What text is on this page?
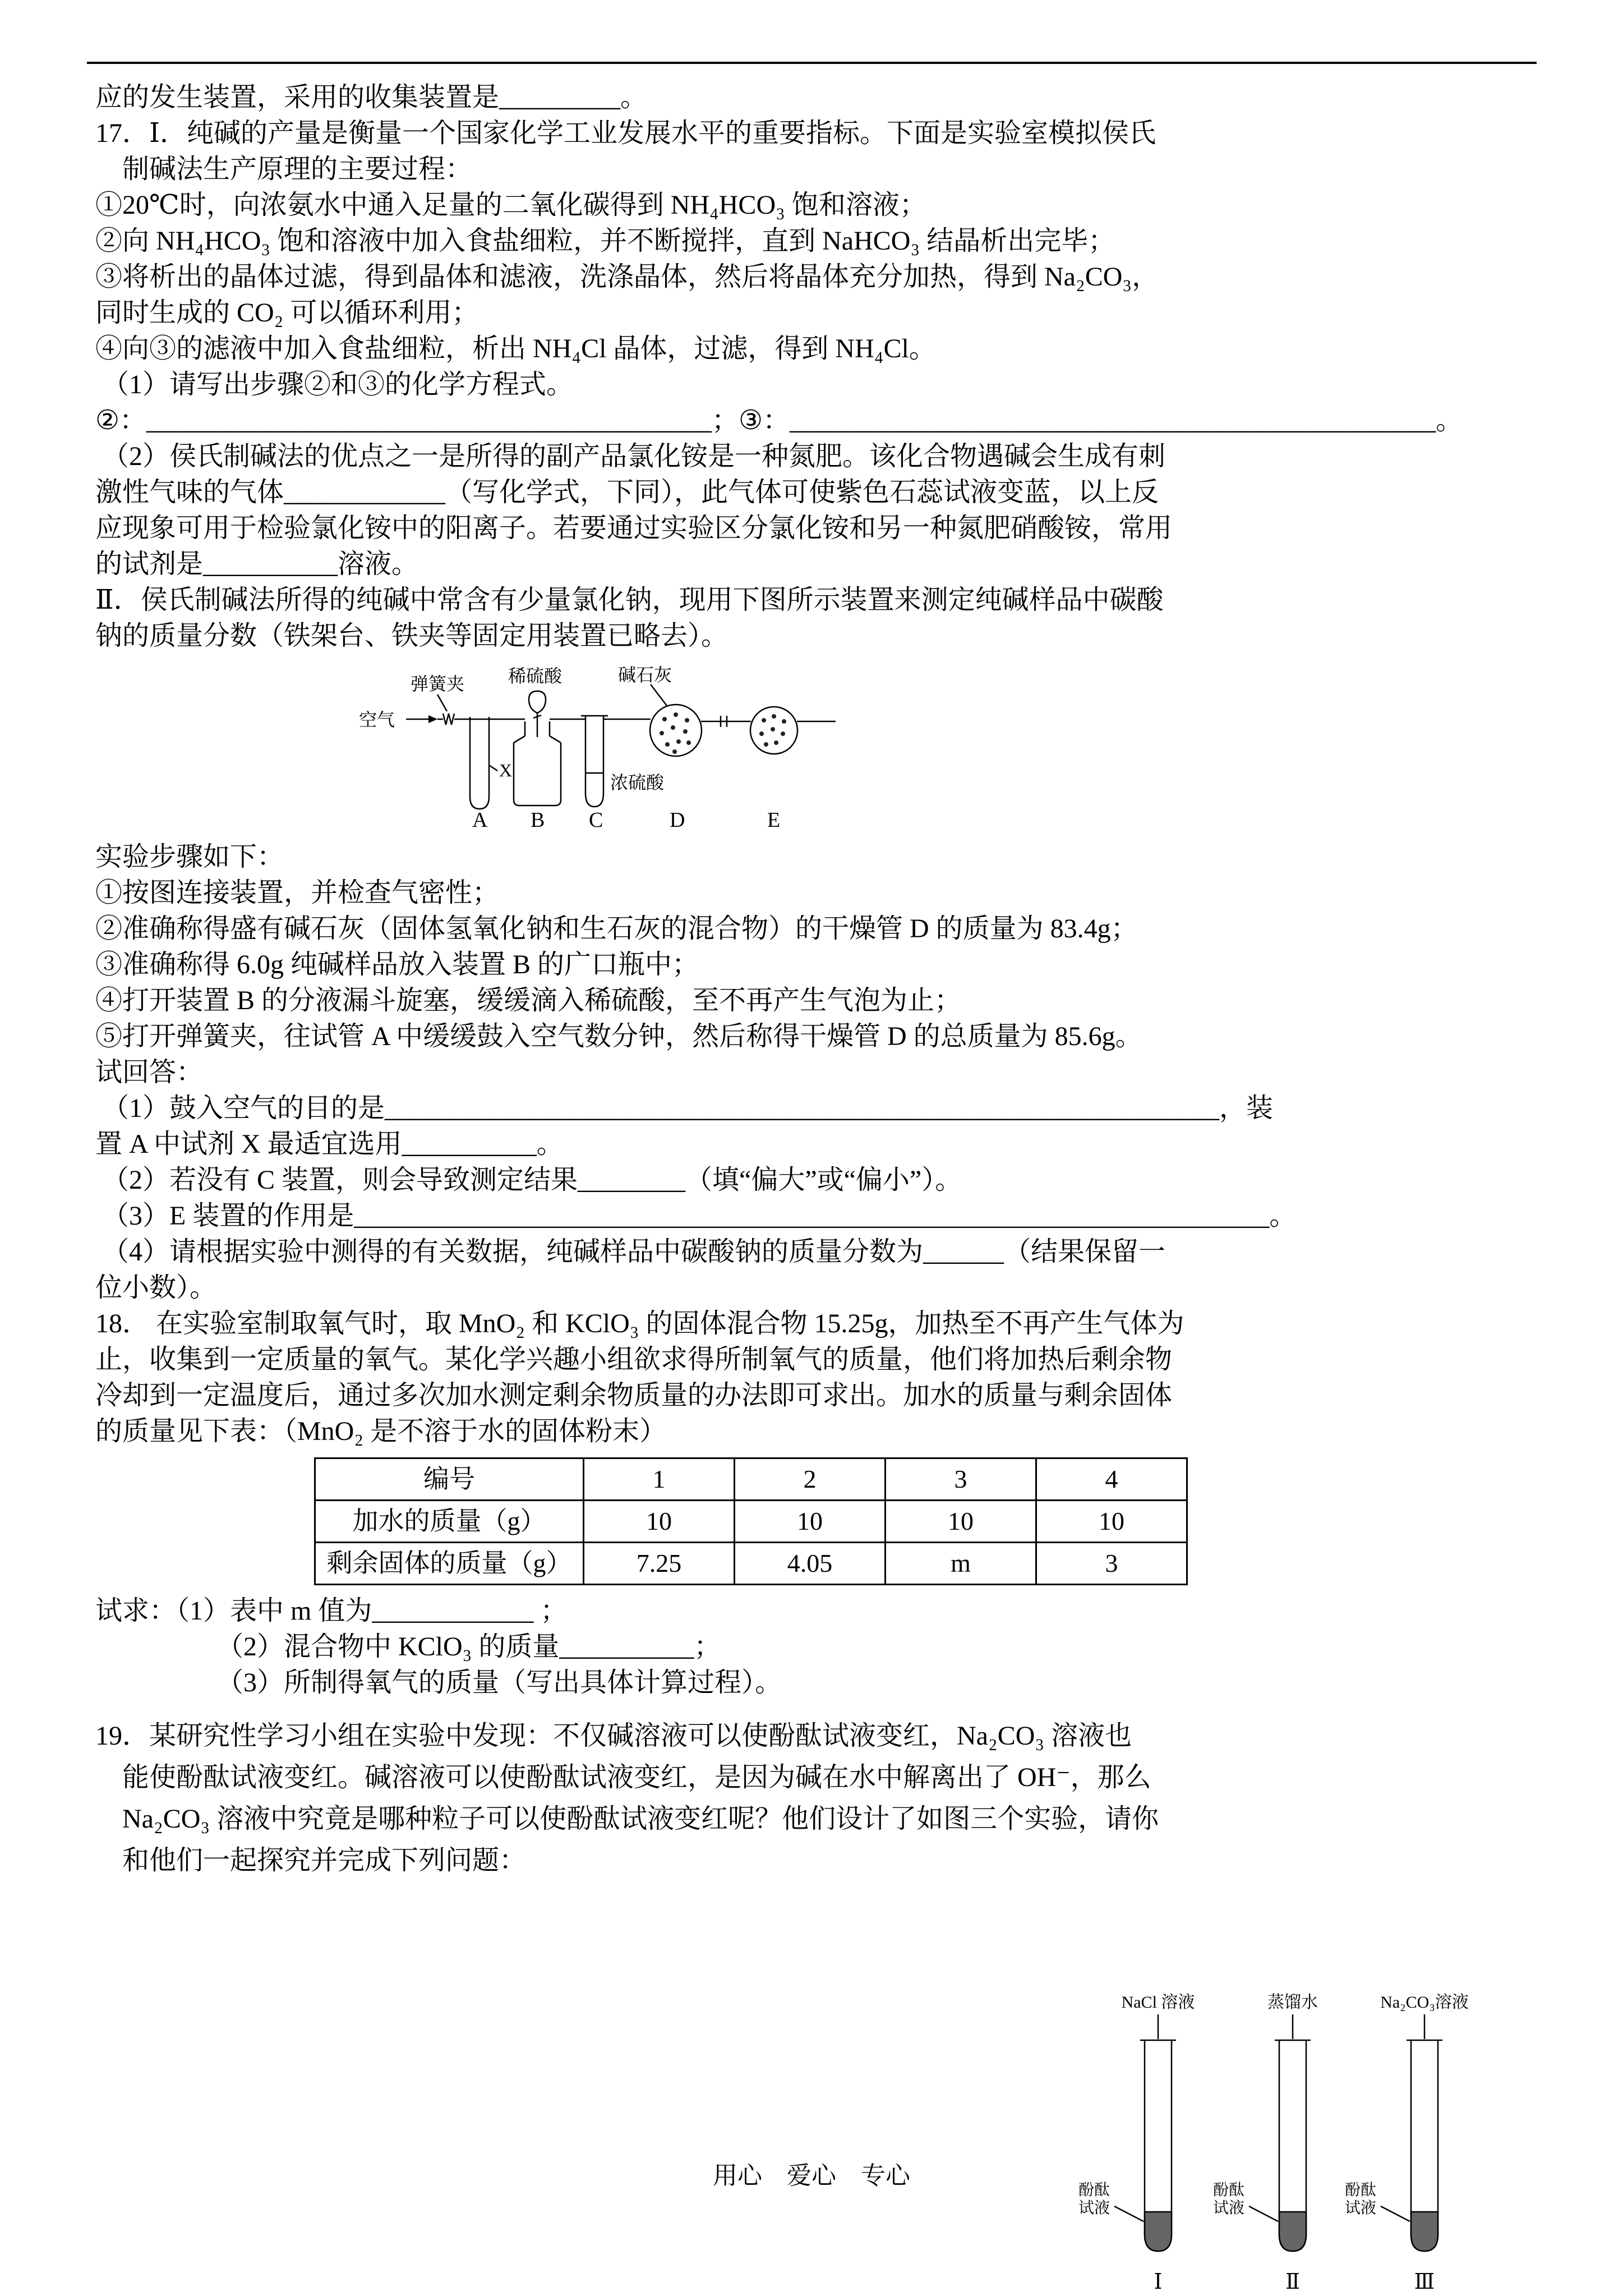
应的发生装置，采用的收集装置是_________。
17．Ⅰ．纯碱的产量是衡量一个国家化学工业发展水平的重要指标。下面是实验室模拟侯氏
制碱法生产原理的主要过程：
①20℃时，向浓氨水中通入足量的二氧化碳得到 NH₄HCO₃ 饱和溶液；
②向 NH₄HCO₃ 饱和溶液中加入食盐细粒，并不断搅拌，直到 NaHCO₃ 结晶析出完毕；
③将析出的晶体过滤，得到晶体和滤液，洗涤晶体，然后将晶体充分加热，得到 Na₂CO₃，
同时生成的 CO₂ 可以循环利用；
④向③的滤液中加入食盐细粒，析出 NH₄Cl 晶体，过滤，得到 NH₄Cl。
（1）请写出步骤②和③的化学方程式。
②：__________________________________________；③：________________________________________________。
（2）侯氏制碱法的优点之一是所得的副产品氯化铵是一种氮肥。该化合物遇碱会生成有刺
激性气味的气体____________（写化学式，下同），此气体可使紫色石蕊试液变蓝，以上反
应现象可用于检验氯化铵中的阳离子。若要通过实验区分氯化铵和另一种氮肥硝酸铵，常用
的试剂是__________溶液。
Ⅱ．侯氏制碱法所得的纯碱中常含有少量氯化钠，现用下图所示装置来测定纯碱样品中碳酸
钠的质量分数（铁架台、铁夹等固定用装置已略去）。
空气
弹簧夹 稀硫酸	碱石灰
浓硫酸
X
A B C	D	E
实验步骤如下：
①按图连接装置，并检查气密性；
②准确称得盛有碱石灰（固体氢氧化钠和生石灰的混合物）的干燥管 D 的质量为 83.4g；
③准确称得 6.0g 纯碱样品放入装置 B 的广口瓶中；
④打开装置 B 的分液漏斗旋塞，缓缓滴入稀硫酸，至不再产生气泡为止；
⑤打开弹簧夹，往试管 A 中缓缓鼓入空气数分钟，然后称得干燥管 D 的总质量为 85.6g。
试回答：
（1）鼓入空气的目的是______________________________________________________________，装
置 A 中试剂 X 最适宜选用__________。
（2）若没有 C 装置，则会导致测定结果________（填“偏大”或“偏小”）。
（3）E 装置的作用是____________________________________________________________________。
（4）请根据实验中测得的有关数据，纯碱样品中碳酸钠的质量分数为______（结果保留一
位小数）。
18． 在实验室制取氧气时，取 MnO₂ 和 KClO₃ 的固体混合物 15.25g，加热至不再产生气体为
止，收集到一定质量的氧气。某化学兴趣小组欲求得所制氧气的质量，他们将加热后剩余物
冷却到一定温度后，通过多次加水测定剩余物质量的办法即可求出。加水的质量与剩余固体
的质量见下表：（MnO₂ 是不溶于水的固体粉末）
编号	1	2	3	4
加水的质量（g）	10	10	10	10
剩余固体的质量（g）	7.25	4.05	m	3
试求：（1）表中 m 值为____________ ；
（2）混合物中 KClO₃ 的质量__________；
（3）所制得氧气的质量（写出具体计算过程）。
19．某研究性学习小组在实验中发现：不仅碱溶液可以使酚酞试液变红，Na₂CO₃ 溶液也
能使酚酞试液变红。碱溶液可以使酚酞试液变红，是因为碱在水中解离出了 OH⁻，那么
Na₂CO₃ 溶液中究竟是哪种粒子可以使酚酞试液变红呢？他们设计了如图三个实验，请你
和他们一起探究并完成下列问题：
NaCl 溶液	蒸馏水	Na₂CO₃溶液
酚酞
试液
酚酞
试液
酚酞
试液
Ⅰ	Ⅱ	Ⅲ
用心    爱心    专心
